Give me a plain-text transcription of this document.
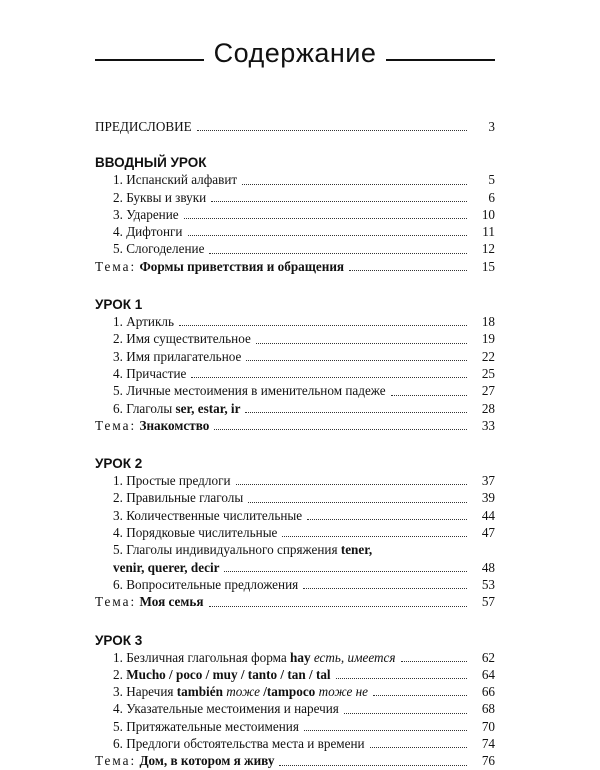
Содержание
ПРЕДИСЛОВИЕ	3
ВВОДНЫЙ УРОК
1. Испанский алфавит	5
2. Буквы и звуки	6
3. Ударение	10
4. Дифтонги	11
5. Слогоделение	12
Тема: Формы приветствия и обращения	15
УРОК 1
1. Артикль	18
2. Имя существительное	19
3. Имя прилагательное	22
4. Причастие	25
5. Личные местоимения в именительном падеже	27
6. Глаголы ser, estar, ir	28
Тема: Знакомство	33
УРОК 2
1. Простые предлоги	37
2. Правильные глаголы	39
3. Количественные числительные	44
4. Порядковые числительные	47
5. Глаголы индивидуального спряжения tener,
venir, querer, decir	48
6. Вопросительные предложения	53
Тема: Моя семья	57
УРОК 3
1. Безличная глагольная форма hay есть, имеется	62
2. Mucho / poco / muy / tanto / tan / tal	64
3. Наречия también тоже /tampoco тоже не	66
4. Указательные местоимения и наречия	68
5. Притяжательные местоимения	70
6. Предлоги обстоятельства места и времени	74
Тема: Дом, в котором я живу	76
